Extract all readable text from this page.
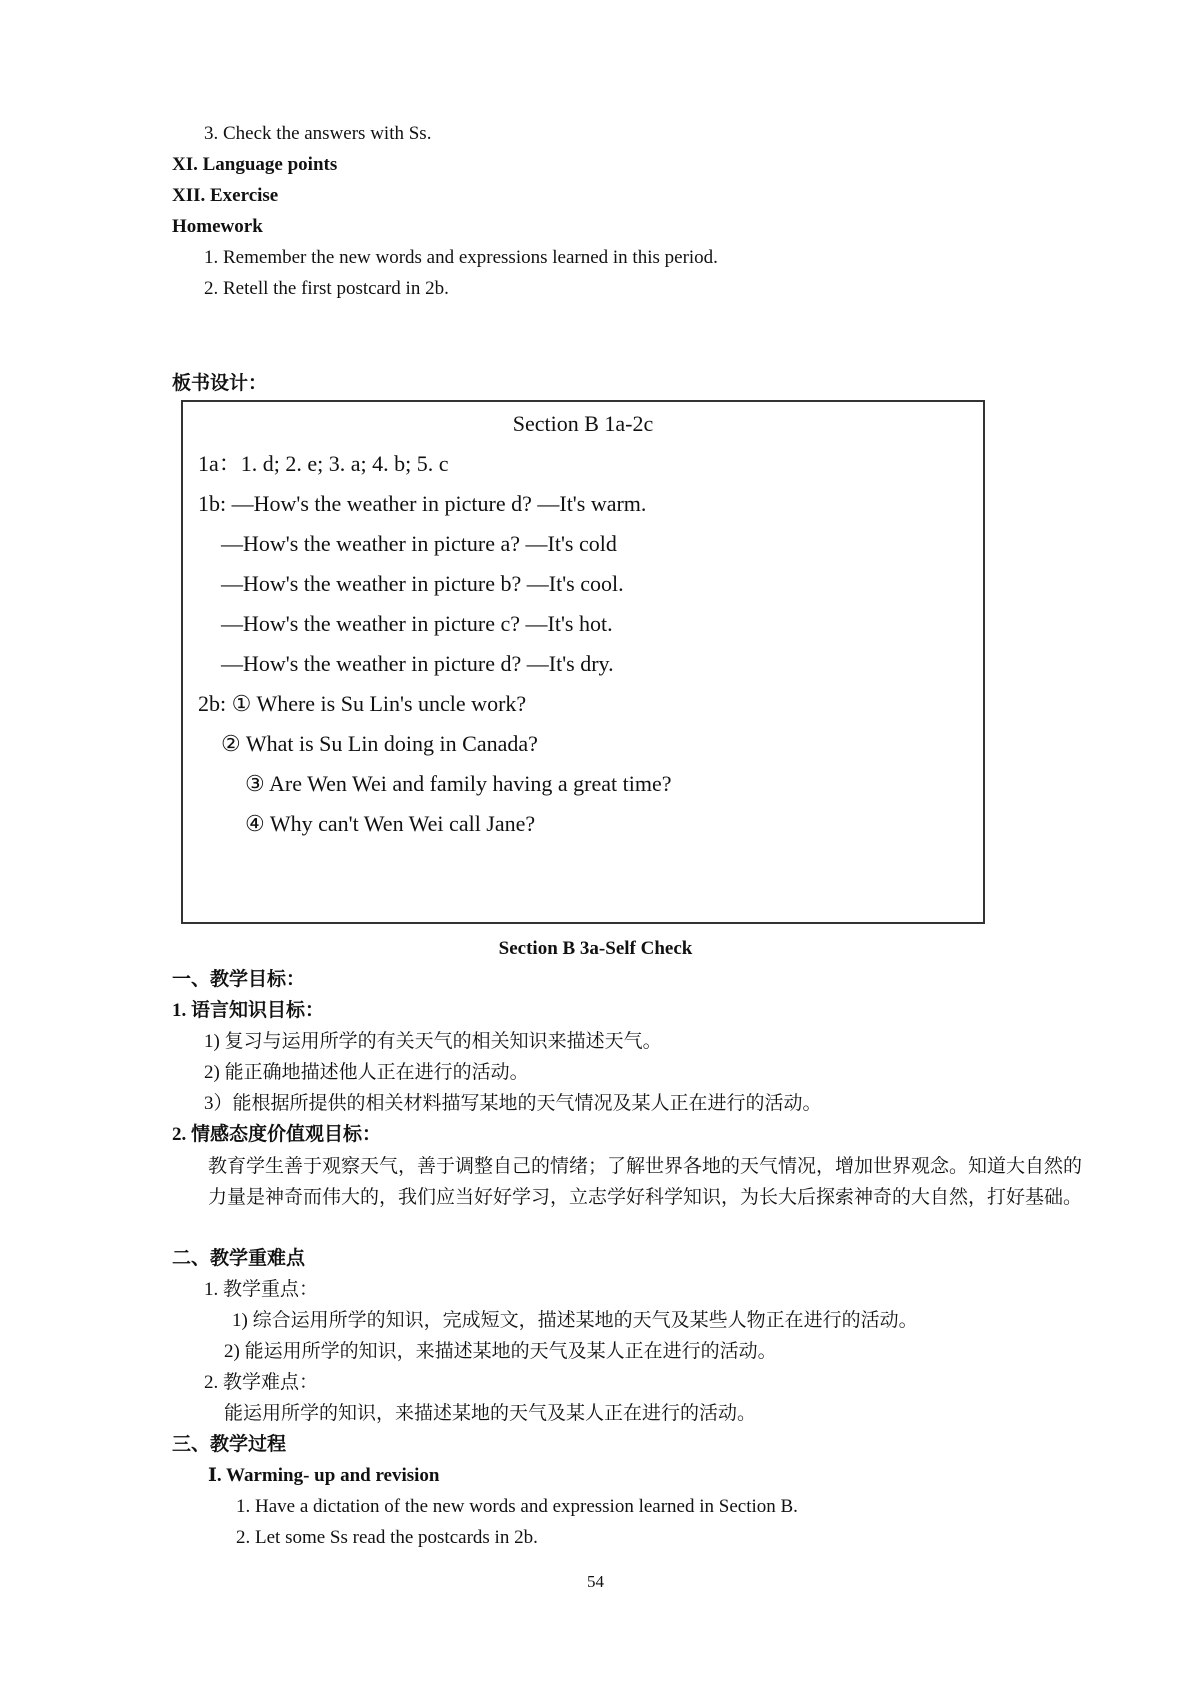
3. Check the answers with Ss.
XI. Language points
XII. Exercise
Homework
1. Remember the new words and expressions learned in this period.
2. Retell the first postcard in 2b.
板书设计：
Section B 1a-2c
1a：1. d; 2. e; 3. a; 4. b; 5. c
1b: —How's the weather in picture d? —It's warm.
—How's the weather in picture a? —It's cold
—How's the weather in picture b? —It's cool.
—How's the weather in picture c? —It's hot.
—How's the weather in picture d? —It's dry.
2b: ① Where is Su Lin's uncle work?
② What is Su Lin doing in Canada?
③ Are Wen Wei and family having a great time?
④ Why can't Wen Wei call Jane?
Section B 3a-Self Check
一、教学目标：
1. 语言知识目标：
1) 复习与运用所学的有关天气的相关知识来描述天气。
2) 能正确地描述他人正在进行的活动。
3）能根据所提供的相关材料描写某地的天气情况及某人正在进行的活动。
2. 情感态度价值观目标：
教育学生善于观察天气，善于调整自己的情绪；了解世界各地的天气情况，增加世界观念。知道大自然的力量是神奇而伟大的，我们应当好好学习，立志学好科学知识，为长大后探索神奇的大自然，打好基础。
二、教学重难点
1. 教学重点：
1) 综合运用所学的知识，完成短文，描述某地的天气及某些人物正在进行的活动。
2) 能运用所学的知识，来描述某地的天气及某人正在进行的活动。
2. 教学难点：
能运用所学的知识，来描述某地的天气及某人正在进行的活动。
三、教学过程
Ⅰ. Warming- up and revision
1. Have a dictation of the new words and expression learned in Section B.
2. Let some Ss read the postcards in 2b.
54
